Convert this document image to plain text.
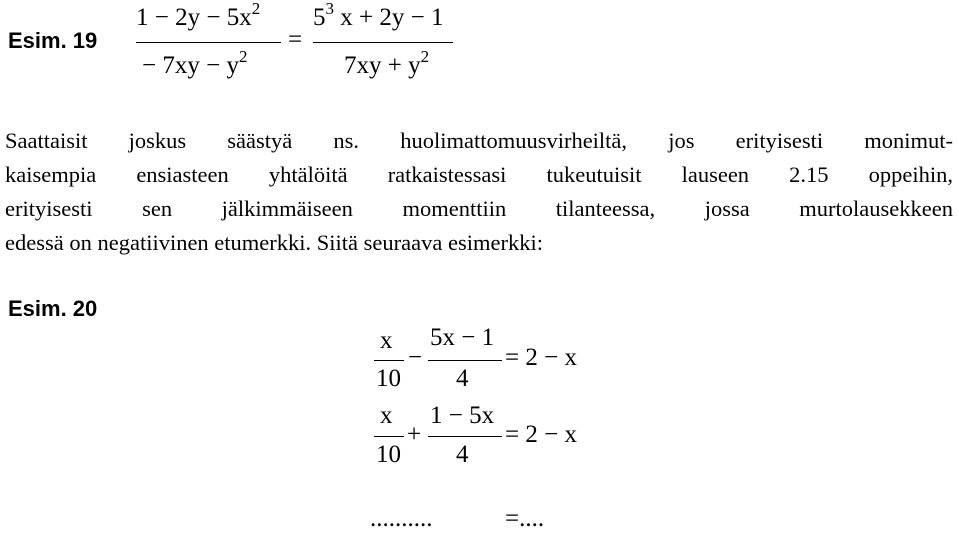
Esim. 19
$1 - 2y - 5x^2$
− $7xy - y^2$
=
$5^3$ x + 2y − 1
$7xy + y^2$
Saattaisit joskus säästyä ns. huolimattomuusvirheiltä, jos erityisesti monimut-
kaisempia ensiasteen yhtälöitä ratkaistessasi tukeutuisit lauseen 2.15 oppeihin,
erityisesti sen jälkimmäiseen momenttiin tilanteessa, jossa murtolausekkeen
edessä on negatiivinen etumerkki. Siitä seuraava esimerkki:
Esim. 20
x
10
−
5x − 1
4
= 2 − x
x
10
+
1 − 5x
4
= 2 − x
..........	=....
